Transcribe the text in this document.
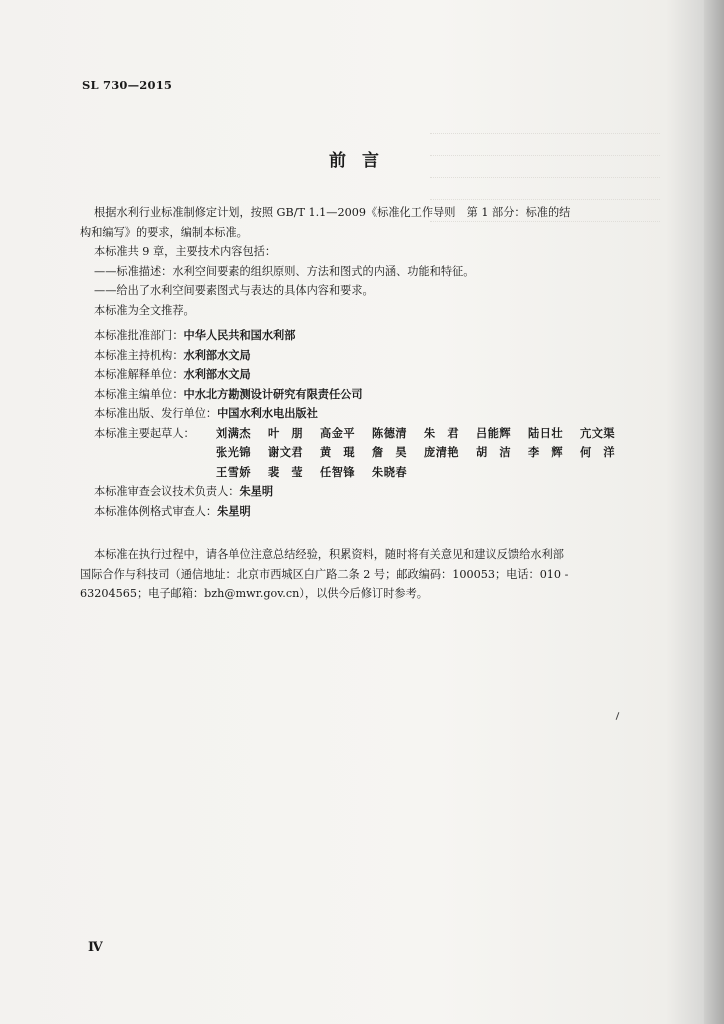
SL 730—2015

前言

根据水利行业标准制修定计划，按照 GB/T 1.1—2009《标准化工作导则　第 1 部分：标准的结

构和编写》的要求，编制本标准。

本标准共 9 章，主要技术内容包括：

——标准描述：水利空间要素的组织原则、方法和图式的内涵、功能和特征。

——给出了水利空间要素图式与表达的具体内容和要求。

本标准为全文推荐。

本标准批准部门：中华人民共和国水利部

本标准主持机构：水利部水文局

本标准解释单位：水利部水文局

本标准主编单位：中水北方勘测设计研究有限责任公司

本标准出版、发行单位：中国水利水电出版社

本标准主要起草人：	刘满杰	叶　朋	高金平	陈德清	朱　君	吕能辉	陆日壮	亢文渠
张光锦	谢文君	黄　琨	詹　昊	庞清艳	胡　洁	李　辉	何　洋
王雪娇	裴　莹	任智锋	朱晓春

本标准审查会议技术负责人：朱星明

本标准体例格式审查人：朱星明

本标准在执行过程中，请各单位注意总结经验，积累资料，随时将有关意见和建议反馈给水利部

国际合作与科技司（通信地址：北京市西城区白广路二条 2 号；邮政编码：100053；电话：010 -

63204565；电子邮箱：bzh@mwr.gov.cn），以供今后修订时参考。

Ⅳ
